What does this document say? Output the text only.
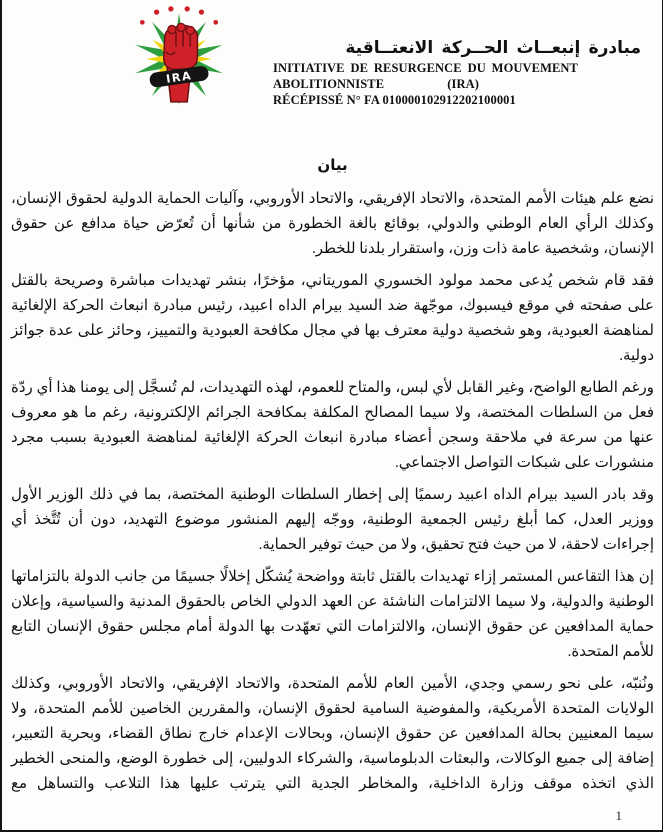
IRA
مبادرة إنبعــاث الحــركة الانعتــاقية
INITIATIVE DE RESURGENCE DU MOUVEMENT
ABOLITIONNISTE	(IRA)
RÉCÉPISSÉ N° FA 010000102912202100001
بيان

نضع علم هيئات الأمم المتحدة، والاتحاد الإفريقي، والاتحاد الأوروبي، وآليات الحماية الدولية لحقوق الإنسان، وكذلك الرأي العام الوطني والدولي، بوقائع بالغة الخطورة من شأنها أن تُعرّض حياة مدافع عن حقوق الإنسان، وشخصية عامة ذات وزن، واستقرار بلدنا للخطر.

فقد قام شخص يُدعى محمد مولود الخسوري الموريتاني، مؤخرًا، بنشر تهديدات مباشرة وصريحة بالقتل على صفحته في موقع فيسبوك، موجّهة ضد السيد بيرام الداه اعبيد، رئيس مبادرة انبعاث الحركة الإلغائية لمناهضة العبودية، وهو شخصية دولية معترف بها في مجال مكافحة العبودية والتمييز، وحائز على عدة جوائز دولية.

ورغم الطابع الواضح، وغير القابل لأي لبس، والمتاح للعموم، لهذه التهديدات، لم تُسجَّل إلى يومنا هذا أي ردّة فعل من السلطات المختصة، ولا سيما المصالح المكلفة بمكافحة الجرائم الإلكترونية، رغم ما هو معروف عنها من سرعة في ملاحقة وسجن أعضاء مبادرة انبعاث الحركة الإلغائية لمناهضة العبودية بسبب مجرد منشورات على شبكات التواصل الاجتماعي.

وقد بادر السيد بيرام الداه اعبيد رسميًا إلى إخطار السلطات الوطنية المختصة، بما في ذلك الوزير الأول ووزير العدل، كما أبلغ رئيس الجمعية الوطنية، ووجّه إليهم المنشور موضوع التهديد، دون أن تُتَّخذ أي إجراءات لاحقة، لا من حيث فتح تحقيق، ولا من حيث توفير الحماية.

إن هذا التقاعس المستمر إزاء تهديدات بالقتل ثابتة وواضحة يُشكّل إخلالًا جسيمًا من جانب الدولة بالتزاماتها الوطنية والدولية، ولا سيما الالتزامات الناشئة عن العهد الدولي الخاص بالحقوق المدنية والسياسية، وإعلان حماية المدافعين عن حقوق الإنسان، والالتزامات التي تعهّدت بها الدولة أمام مجلس حقوق الإنسان التابع للأمم المتحدة.

ونُنبّه، على نحو رسمي وجدي، الأمين العام للأمم المتحدة، والاتحاد الإفريقي، والاتحاد الأوروبي، وكذلك الولايات المتحدة الأمريكية، والمفوضية السامية لحقوق الإنسان، والمقررين الخاصين للأمم المتحدة، ولا سيما المعنيين بحالة المدافعين عن حقوق الإنسان، وبحالات الإعدام خارج نطاق القضاء، وبحرية التعبير، إضافة إلى جميع الوكالات، والبعثات الدبلوماسية، والشركاء الدوليين، إلى خطورة الوضع، والمنحى الخطير الذي اتخذه موقف وزارة الداخلية، والمخاطر الجدية التي يترتب عليها هذا التلاعب والتساهل مع

1
